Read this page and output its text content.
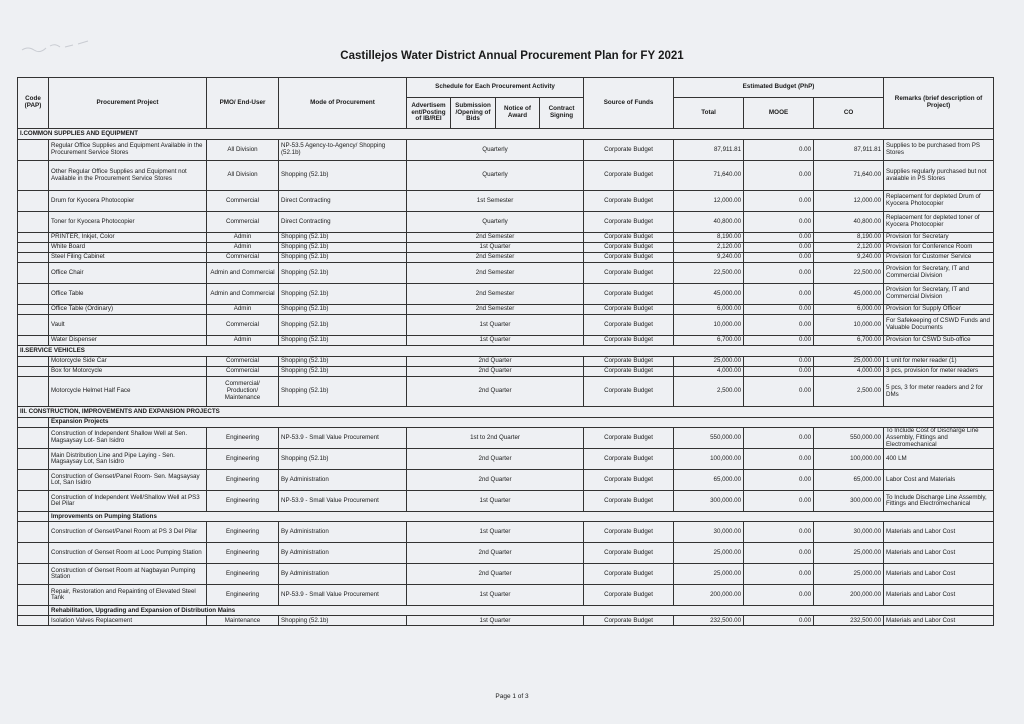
Castillejos Water District Annual Procurement Plan for FY 2021
Code (PAP)	Procurement Project	PMO/ End-User	Mode of Procurement	Schedule for Each Procurement Activity				Source of Funds	Estimated Budget (PhP)			Remarks (brief description of Project)
				Advertisem ent/Posting of IB/REI	Submission /Opening of Bids	Notice of Award	Contract Signing		Total	MOOE	CO	
I.COMMON SUPPLIES AND EQUIPMENT												
	Regular Office Supplies and Equipment Available in the Procurement Service Stores	All Division	NP-53.5 Agency-to-Agency/ Shopping (52.1b)	Quarterly				Corporate Budget	87,911.81	0.00	87,911.81	Supplies to be purchased from PS Stores
	Other Regular Office Supplies and Equipment not Available in the Procurement Service Stores	All Division	Shopping (52.1b)	Quarterly				Corporate Budget	71,640.00	0.00	71,640.00	Supplies regularly purchased but not avaiable in PS Stores
	Drum for Kyocera Photocopier	Commercial	Direct Contracting	1st Semester				Corporate Budget	12,000.00	0.00	12,000.00	Replacement for depleted Drum of Kyocera Photocopier
	Toner for Kyocera Photocopier	Commercial	Direct Contracting	Quarterly				Corporate Budget	40,800.00	0.00	40,800.00	Replacement for depleted toner of Kyocera Photocopier
	PRINTER, Inkjet, Color	Admin	Shopping (52.1b)	2nd Semester				Corporate Budget	8,190.00	0.00	8,190.00	Provision for Secretary
	White Board	Admin	Shopping (52.1b)	1st Quarter				Corporate Budget	2,120.00	0.00	2,120.00	Provision for Conference Room
	Steel Filing Cabinet	Commercial	Shopping (52.1b)	2nd Semester				Corporate Budget	9,240.00	0.00	9,240.00	Provision for Customer Service
	Office Chair	Admin and Commercial	Shopping (52.1b)	2nd Semester				Corporate Budget	22,500.00	0.00	22,500.00	Provision for Secretary, IT and Commercial Division
	Office Table	Admin and Commercial	Shopping (52.1b)	2nd Semester				Corporate Budget	45,000.00	0.00	45,000.00	Provision for Secretary, IT and Commercial Division
	Office Table (Ordinary)	Admin	Shopping (52.1b)	2nd Semester				Corporate Budget	6,000.00	0.00	6,000.00	Provision for Supply Officer
	Vault	Commercial	Shopping (52.1b)	1st Quarter				Corporate Budget	10,000.00	0.00	10,000.00	For Safekeeping of CSWD Funds and Valuable Documents
	Water Dispenser	Admin	Shopping (52.1b)	1st Quarter				Corporate Budget	6,700.00	0.00	6,700.00	Provision for CSWD Sub-office
II.SERVICE VEHICLES												
	Motorcycle Side Car	Commercial	Shopping (52.1b)	2nd Quarter				Corporate Budget	25,000.00	0.00	25,000.00	1 unit for meter reader (1)
	Box for Motorcycle	Commercial	Shopping (52.1b)	2nd Quarter				Corporate Budget	4,000.00	0.00	4,000.00	3 pcs, provision for meter readers
	Motorcycle Helmet Half Face	Commercial/ Production/ Maintenance	Shopping (52.1b)	2nd Quarter				Corporate Budget	2,500.00	0.00	2,500.00	5 pcs, 3 for meter readers and 2 for DMs
III. CONSTRUCTION, IMPROVEMENTS AND EXPANSION PROJECTS												
	Expansion Projects											
	Construction of Independent Shallow Well at Sen. Magsaysay Lot- San Isidro	Engineering	NP-53.9 - Small Value Procurement	1st to 2nd Quarter				Corporate Budget	550,000.00	0.00	550,000.00	To Include Cost of Discharge Line Assembly, Fittings and Electromechanical
	Main Distribution Line and Pipe Laying - Sen. Magsaysay Lot, San Isidro	Engineering	Shopping (52.1b)	2nd Quarter				Corporate Budget	100,000.00	0.00	100,000.00	400 LM
	Construction of Genset/Panel Room- Sen. Magsaysay Lot, San Isidro	Engineering	By Administration	2nd Quarter				Corporate Budget	65,000.00	0.00	65,000.00	Labor Cost and Materials
	Construction of Independent Well/Shallow Well at PS3 Del Pilar	Engineering	NP-53.9 - Small Value Procurement	1st Quarter				Corporate Budget	300,000.00	0.00	300,000.00	To Include Discharge Line Assembly, Fittings and Electromechanical
	Improvements on Pumping Stations											
	Construction of Genset/Panel Room at PS 3 Del Pilar	Engineering	By Administration	1st Quarter				Corporate Budget	30,000.00	0.00	30,000.00	Materials and Labor Cost
	Construction of Genset Room at Looc Pumping Station	Engineering	By Administration	2nd Quarter				Corporate Budget	25,000.00	0.00	25,000.00	Materials and Labor Cost
	Construction of Genset Room at Nagbayan Pumping Station	Engineering	By Administration	2nd Quarter				Corporate Budget	25,000.00	0.00	25,000.00	Materials and Labor Cost
	Repair, Restoration and Repainting of Elevated Steel Tank	Engineering	NP-53.9 - Small Value Procurement	1st Quarter				Corporate Budget	200,000.00	0.00	200,000.00	Materials and Labor Cost
	Rehabilitation, Upgrading and Expansion of Distribution Mains											
	Isolation Valves Replacement	Maintenance	Shopping (52.1b)	1st Quarter				Corporate Budget	232,500.00	0.00	232,500.00	Materials and Labor Cost
Page 1 of 3
